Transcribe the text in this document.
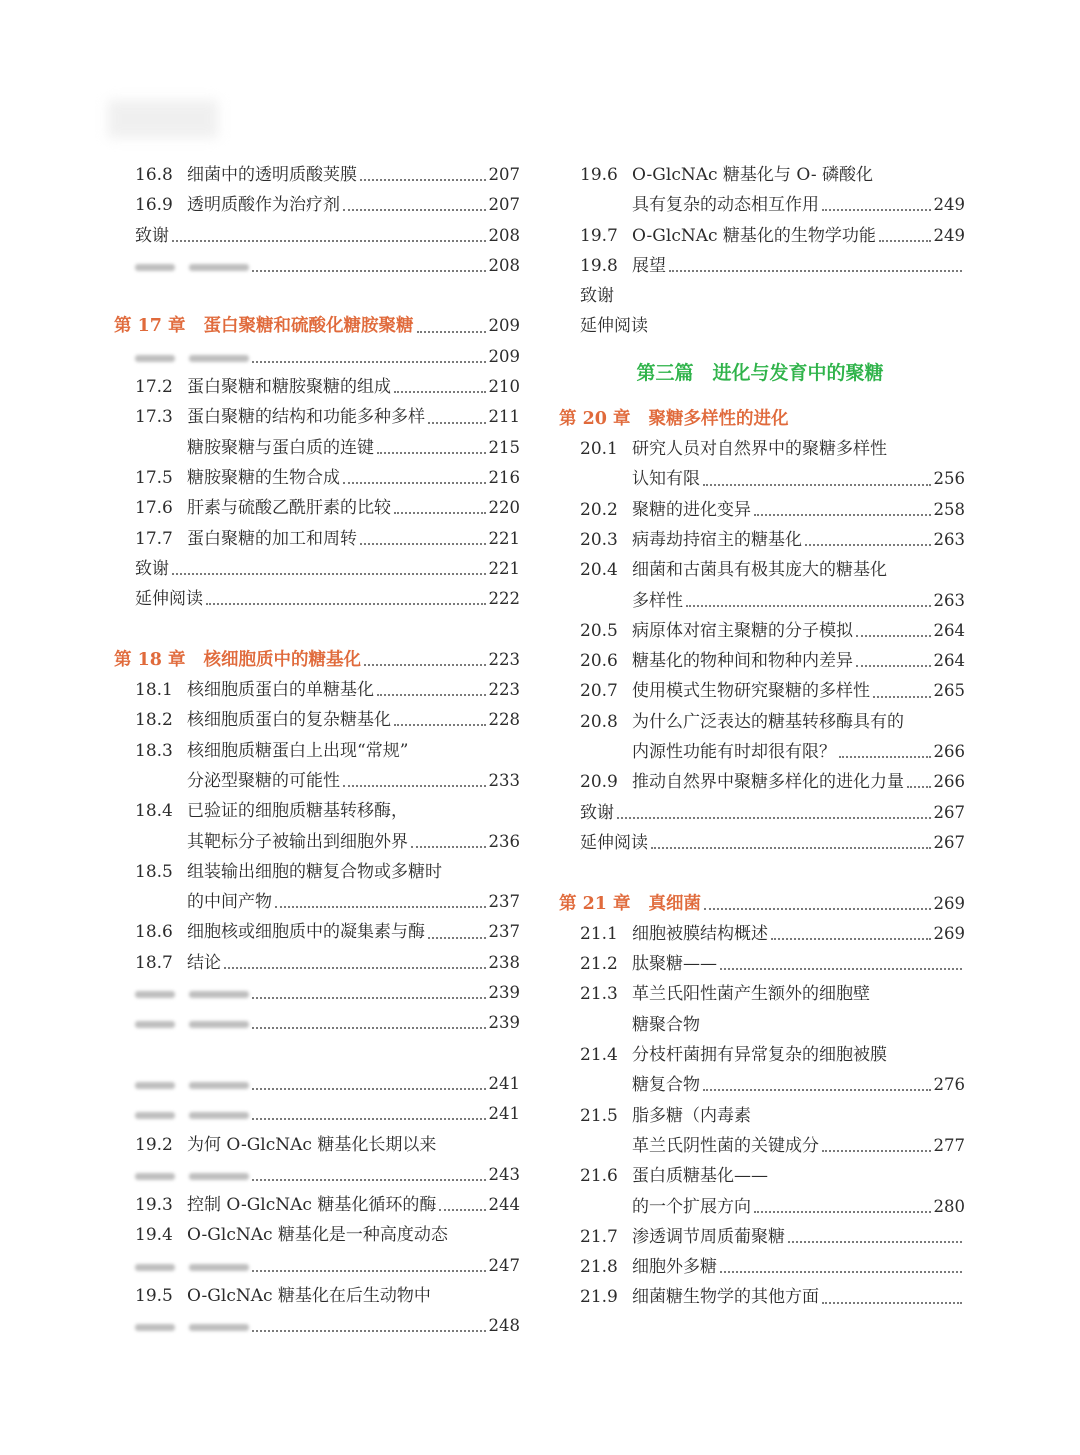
16.8 细菌中的透明质酸荚膜	207
16.9 透明质酸作为治疗剂	207
致谢	208
208
第 17 章 蛋白聚糖和硫酸化糖胺聚糖	209
209
17.2 蛋白聚糖和糖胺聚糖的组成	210
17.3 蛋白聚糖的结构和功能多种多样	211
糖胺聚糖与蛋白质的连键	215
17.5 糖胺聚糖的生物合成	216
17.6 肝素与硫酸乙酰肝素的比较	220
17.7 蛋白聚糖的加工和周转	221
致谢	221
延伸阅读	222
第 18 章 核细胞质中的糖基化	223
18.1 核细胞质蛋白的单糖基化	223
18.2 核细胞质蛋白的复杂糖基化	228
18.3 核细胞质糖蛋白上出现“常规”
分泌型聚糖的可能性	233
18.4 已验证的细胞质糖基转移酶，
其靶标分子被输出到细胞外界	236
18.5 组装输出细胞的糖复合物或多糖时
的中间产物	237
18.6 细胞核或细胞质中的凝集素与酶	237
18.7 结论	238
239
239
241
241
19.2 为何 O-GlcNAc 糖基化长期以来
243
19.3 控制 O-GlcNAc 糖基化循环的酶	244
19.4 O-GlcNAc 糖基化是一种高度动态
247
19.5 O-GlcNAc 糖基化在后生动物中
248
19.6 O-GlcNAc 糖基化与 O- 磷酸化
具有复杂的动态相互作用	249
19.7 O-GlcNAc 糖基化的生物学功能	249
19.8 展望
致谢
延伸阅读
第三篇　进化与发育中的聚糖
第 20 章 聚糖多样性的进化
20.1 研究人员对自然界中的聚糖多样性
认知有限	256
20.2 聚糖的进化变异	258
20.3 病毒劫持宿主的糖基化	263
20.4 细菌和古菌具有极其庞大的糖基化
多样性	263
20.5 病原体对宿主聚糖的分子模拟	264
20.6 糖基化的物种间和物种内差异	264
20.7 使用模式生物研究聚糖的多样性	265
20.8 为什么广泛表达的糖基转移酶具有的
内源性功能有时却很有限？	266
20.9 推动自然界中聚糖多样化的进化力量 266
致谢	267
延伸阅读	267
第 21 章 真细菌	269
21.1 细胞被膜结构概述	269
21.2 肽聚糖——
21.3 革兰氏阳性菌产生额外的细胞壁
糖聚合物
21.4 分枝杆菌拥有异常复杂的细胞被膜
糖复合物	276
21.5 脂多糖（内毒素
革兰氏阴性菌的关键成分	277
21.6 蛋白质糖基化——
的一个扩展方向	280
21.7 渗透调节周质葡聚糖
21.8 细胞外多糖
21.9 细菌糖生物学的其他方面
